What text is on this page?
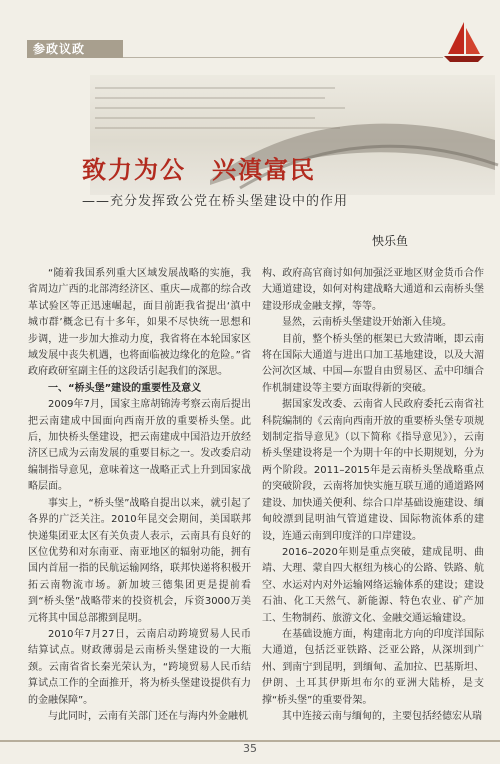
参政议政
致力为公　兴滇富民
——充分发挥致公党在桥头堡建设中的作用
怏乐鱼

“随着我国系列重大区域发展战略的实施，我省周边广西的北部湾经济区、重庆—成都的综合改革试验区等正迅速崛起，面目前距我省提出‘滇中城市群’概念已有十多年，如果不尽快统一思想和步调，进一步加大推动力度，我省将在本轮国家区域发展中丧失机遇，也将面临被边缘化的危险。”省政府政研室副主任的这段话引起我们的深思。

一、“桥头堡”建设的重要性及意义

2009年7月，国家主席胡锦涛考察云南后提出把云南建成中国面向西南开放的重要桥头堡。此后，加快桥头堡建设，把云南建成中国沿边开放经济区已成为云南发展的重要目标之一。发改委启动编制指导意见，意味着这一战略正式上升到国家战略层面。

事实上，“桥头堡”战略自提出以来，就引起了各界的广泛关注。2010年昆交会期间，美国联邦快递集团亚太区有关负责人表示，云南具有良好的区位优势和对东南亚、南亚地区的辐射功能，拥有国内首屈一指的民航运输网络，联邦快递将积极开拓云南物流市场。新加坡三德集团更是提前看到“桥头堡”战略带来的投资机会，斥资3000万美元将其中国总部搬到昆明。

2010年7月27日，云南启动跨境贸易人民币结算试点。财政薄弱是云南桥头堡建设的一大瓶颈。云南省省长秦光荣认为，“跨境贸易人民币结算试点工作的全面推开，将为桥头堡建设提供有力的金融保障”。

与此同时，云南有关部门还在与海内外金融机

构、政府高官商讨如何加强泛亚地区财金货币合作大通道建设，如何对构建战略大通道和云南桥头堡建设形成金融支撑，等等。

显然，云南桥头堡建设开始渐入佳境。

目前，整个桥头堡的框架已大致清晰，即云南将在国际大通道与进出口加工基地建设，以及大湄公河次区域、中国—东盟自由贸易区、孟中印缅合作机制建设等主要方面取得新的突破。

据国家发改委、云南省人民政府委托云南省社科院编制的《云南向西南开放的重要桥头堡专项规划制定指导意见》（以下简称《指导意见》），云南桥头堡建设将是一个为期十年的中长期规划，分为两个阶段。2011–2015年是云南桥头堡战略重点的突破阶段，云南将加快实施互联互通的通道路网建设、加快通关便利、综合口岸基础设施建设、缅甸皎漂到昆明油气管道建设、国际物流体系的建设，连通云南到印度洋的口岸建设。

2016–2020年则是重点突破，建成昆明、曲靖、大理、蒙自四大枢纽为核心的公路、铁路、航空、水运对内对外运输网络运输体系的建设；建设石油、化工天然气、新能源、特色农业、矿产加工、生物制药、旅游文化、金融交通运输建设。

在基础设施方面，构建南北方向的印度洋国际大通道，包括泛亚铁路、泛亚公路，从深圳到广州、到南宁到昆明，到缅甸、孟加拉、巴基斯坦、伊朗、土耳其伊斯坦布尔的亚洲大陆桥，是支撑“桥头堡”的重要骨架。

其中连接云南与缅甸的，主要包括经德宏从瑞

35
